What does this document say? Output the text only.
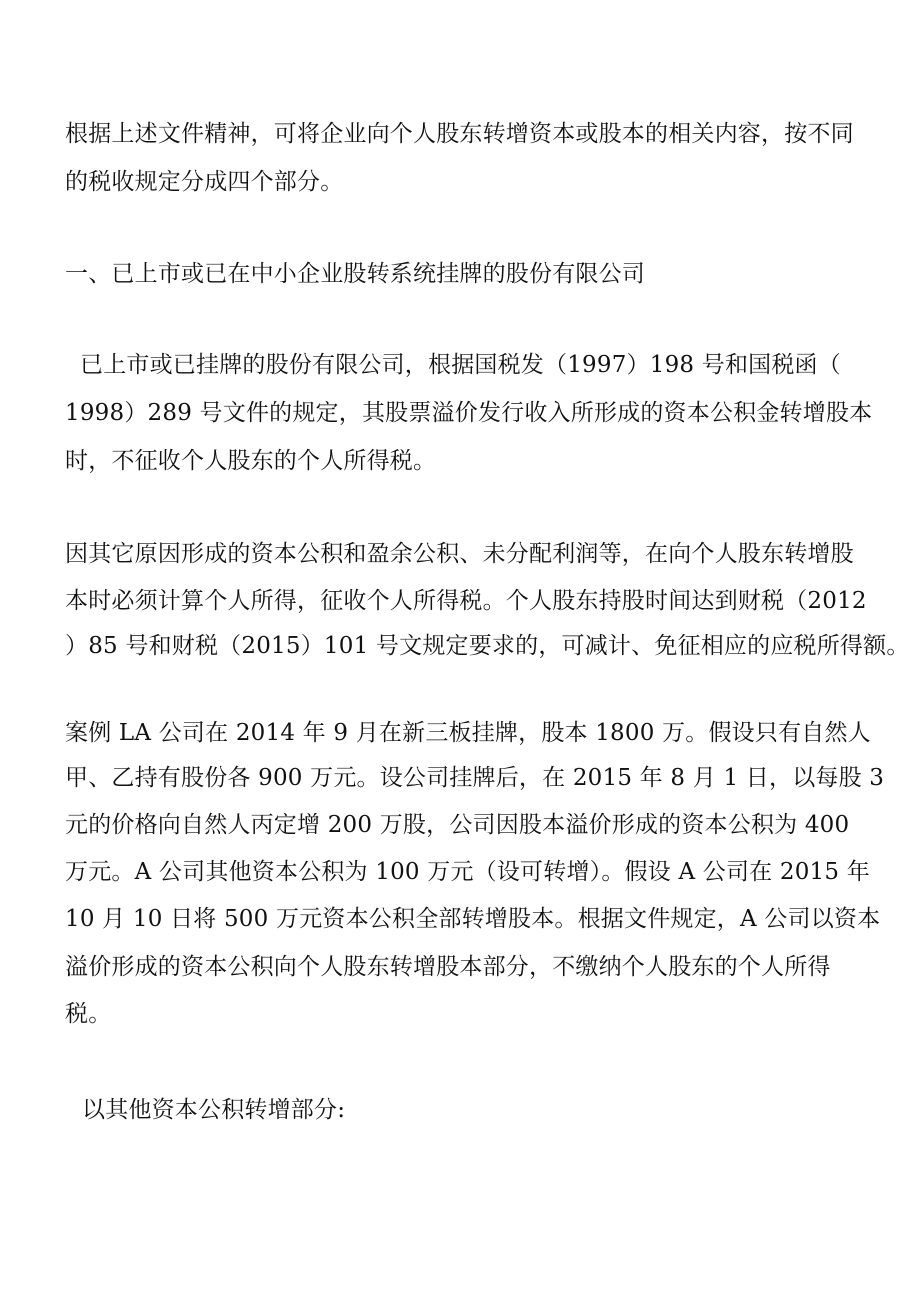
根据上述文件精神，可将企业向个人股东转增资本或股本的相关内容，按不同

的税收规定分成四个部分。

一、已上市或已在中小企业股转系统挂牌的股份有限公司

已上市或已挂牌的股份有限公司，根据国税发（1997）198 号和国税函（

1998）289 号文件的规定，其股票溢价发行收入所形成的资本公积金转增股本

时，不征收个人股东的个人所得税。

因其它原因形成的资本公积和盈余公积、未分配利润等，在向个人股东转增股

本时必须计算个人所得，征收个人所得税。个人股东持股时间达到财税（2012

）85 号和财税（2015）101 号文规定要求的，可减计、免征相应的应税所得额。

案例 LA 公司在 2014 年 9 月在新三板挂牌，股本 1800 万。假设只有自然人

甲、乙持有股份各 900 万元。设公司挂牌后，在 2015 年 8 月 1 日，以每股 3

元的价格向自然人丙定增 200 万股，公司因股本溢价形成的资本公积为 400

万元。A 公司其他资本公积为 100 万元（设可转增）。假设 A 公司在 2015 年

10 月 10 日将 500 万元资本公积全部转增股本。根据文件规定，A 公司以资本

溢价形成的资本公积向个人股东转增股本部分，不缴纳个人股东的个人所得

税。

以其他资本公积转增部分:
